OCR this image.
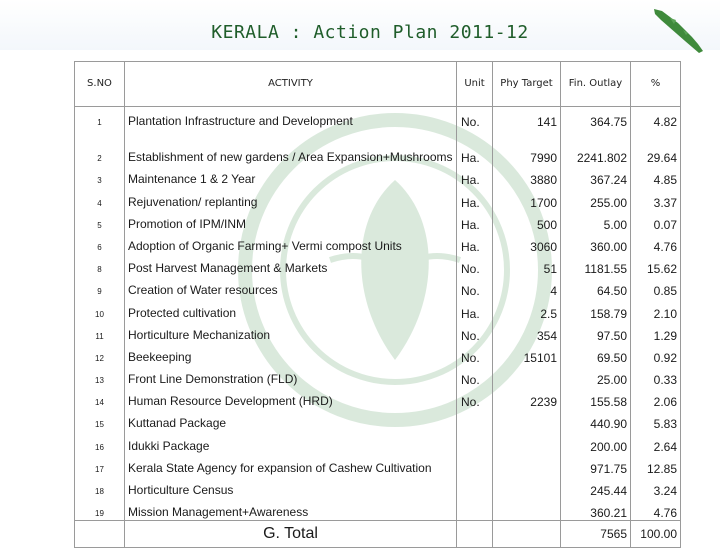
KERALA : Action Plan 2011-12
S.NO	ACTIVITY	Unit	Phy Target	Fin. Outlay	%
1	Plantation Infrastructure and Development	No.	141	364.75	4.82
2	Establishment of new gardens / Area Expansion+Mushrooms	Ha.	7990	2241.802	29.64
3	Maintenance 1 & 2 Year	Ha.	3880	367.24	4.85
4	Rejuvenation/ replanting	Ha.	1700	255.00	3.37
5	Promotion of IPM/INM	Ha.	500	5.00	0.07
6	Adoption of Organic Farming+ Vermi compost Units	Ha.	3060	360.00	4.76
8	Post Harvest Management & Markets	No.	51	1181.55	15.62
9	Creation of Water resources	No.	4	64.50	0.85
10	Protected cultivation	Ha.	2.5	158.79	2.10
11	Horticulture Mechanization	No.	354	97.50	1.29
12	Beekeeping	No.	15101	69.50	0.92
13	Front Line Demonstration (FLD)	No.		25.00	0.33
14	Human Resource Development (HRD)	No.	2239	155.58	2.06
15	Kuttanad Package			440.90	5.83
16	Idukki Package			200.00	2.64
17	Kerala State Agency for expansion of Cashew Cultivation			971.75	12.85
18	Horticulture Census			245.44	3.24
19	Mission Management+Awareness			360.21	4.76
	G. Total			7565	100.00
